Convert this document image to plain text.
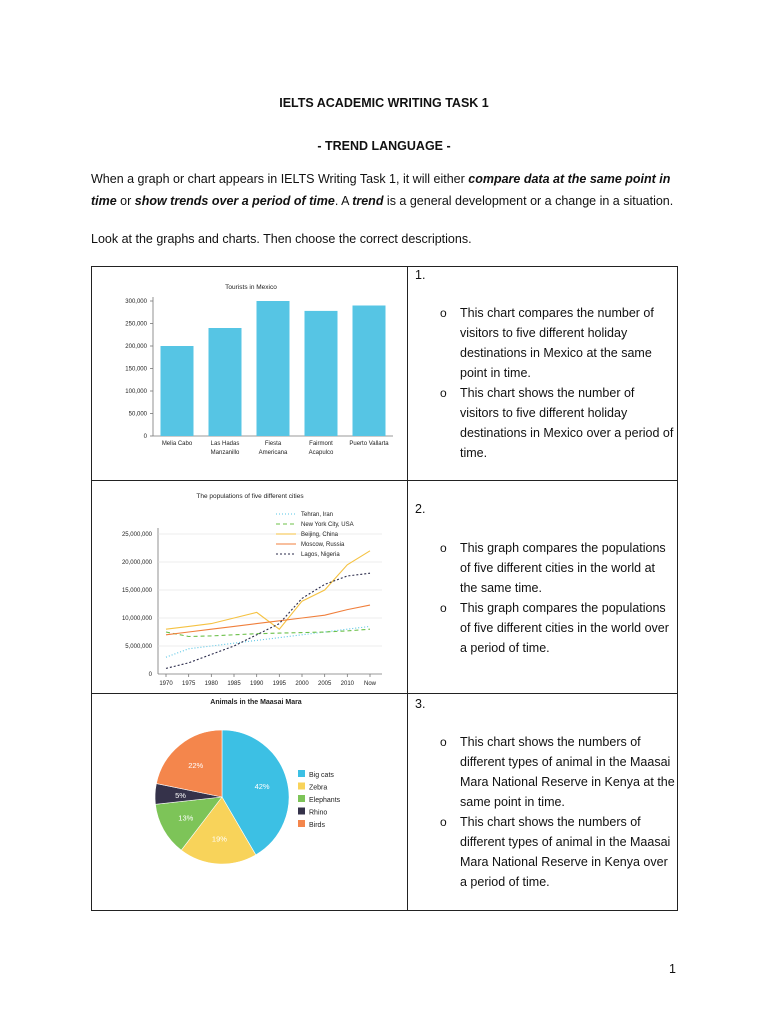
IELTS ACADEMIC WRITING TASK 1
- TREND LANGUAGE -
When a graph or chart appears in IELTS Writing Task 1, it will either compare data at the same point in time or show trends over a period of time. A trend is a general development or a change in a situation.
Look at the graphs and charts. Then choose the correct descriptions.
Tourists in Mexico
0
50,000
100,000
150,000
200,000
250,000
300,000
Melia Cabo	Las Hadas
Manzanillo
Fiesta
Americana
Fairmont
Acapulco
Puerto Vallarta
The populations of five different cities
0
5,000,000
10,000,000
15,000,000
20,000,000
25,000,000
1970 1975 1980 1985 1990 1995 2000 2005 2010 Now
Tehran, Iran
New York City, USA
Beijing, China
Moscow, Russia
Lagos, Nigeria
Animals in the Maasai Mara
42%
19%
13%
5%
22%
Big cats
Zebra
Elephants
Rhino
Birds
1.
o This chart compares the number of visitors to five different holiday destinations in Mexico at the same point in time.
o This chart shows the number of visitors to five different holiday destinations in Mexico over a period of time.
2.
o This graph compares the populations of five different cities in the world at the same time.
o This graph compares the populations of five different cities in the world over a period of time.
3.
o This chart shows the numbers of different types of animal in the Maasai Mara National Reserve in Kenya at the same point in time.
o This chart shows the numbers of different types of animal in the Maasai Mara National Reserve in Kenya over a period of time.
1
